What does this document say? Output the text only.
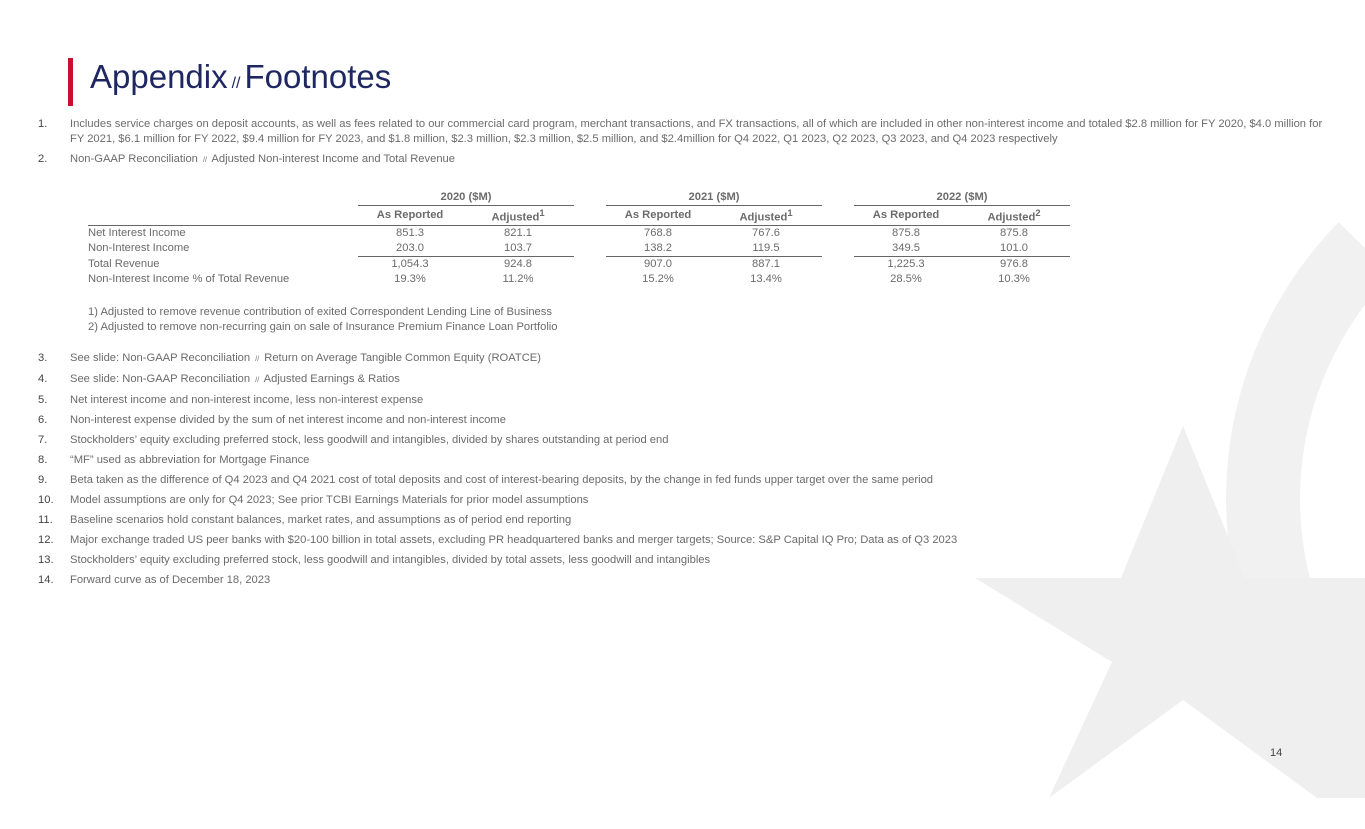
Appendix // Footnotes
1.	Includes service charges on deposit accounts, as well as fees related to our commercial card program, merchant transactions, and FX transactions, all of which are included in other non-interest income and totaled $2.8 million for FY 2020, $4.0 million for FY 2021, $6.1 million for FY 2022, $9.4 million for FY 2023, and $1.8 million, $2.3 million, $2.3 million, $2.5 million, and $2.4million for Q4 2022, Q1 2023, Q2 2023, Q3 2023, and Q4 2023 respectively
2.	Non-GAAP Reconciliation // Adjusted Non-interest Income and Total Revenue
	2020 ($M)			2021 ($M)			2022 ($M)	
	As Reported	Adjusted$^1$		As Reported	Adjusted$^1$		As Reported	Adjusted$^2$
Net Interest Income	851.3	821.1		768.8	767.6		875.8	875.8
Non-Interest Income	203.0	103.7		138.2	119.5		349.5	101.0
Total Revenue	1,054.3	924.8		907.0	887.1		1,225.3	976.8
Non-Interest Income % of Total Revenue	19.3%	11.2%		15.2%	13.4%		28.5%	10.3%
1) Adjusted to remove revenue contribution of exited Correspondent Lending Line of Business
2) Adjusted to remove non-recurring gain on sale of Insurance Premium Finance Loan Portfolio
3.	See slide: Non-GAAP Reconciliation // Return on Average Tangible Common Equity (ROATCE)
4.	See slide: Non-GAAP Reconciliation // Adjusted Earnings & Ratios
5.	Net interest income and non-interest income, less non-interest expense
6.	Non-interest expense divided by the sum of net interest income and non-interest income
7.	Stockholders’ equity excluding preferred stock, less goodwill and intangibles, divided by shares outstanding at period end
8.	“MF” used as abbreviation for Mortgage Finance
9.	Beta taken as the difference of Q4 2023 and Q4 2021 cost of total deposits and cost of interest-bearing deposits, by the change in fed funds upper target over the same period
10.	Model assumptions are only for Q4 2023; See prior TCBI Earnings Materials for prior model assumptions
11.	Baseline scenarios hold constant balances, market rates, and assumptions as of period end reporting
12.	Major exchange traded US peer banks with $20-100 billion in total assets, excluding PR headquartered banks and merger targets; Source: S&P Capital IQ Pro; Data as of Q3 2023
13.	Stockholders’ equity excluding preferred stock, less goodwill and intangibles, divided by total assets, less goodwill and intangibles
14.	Forward curve as of December 18, 2023
14
